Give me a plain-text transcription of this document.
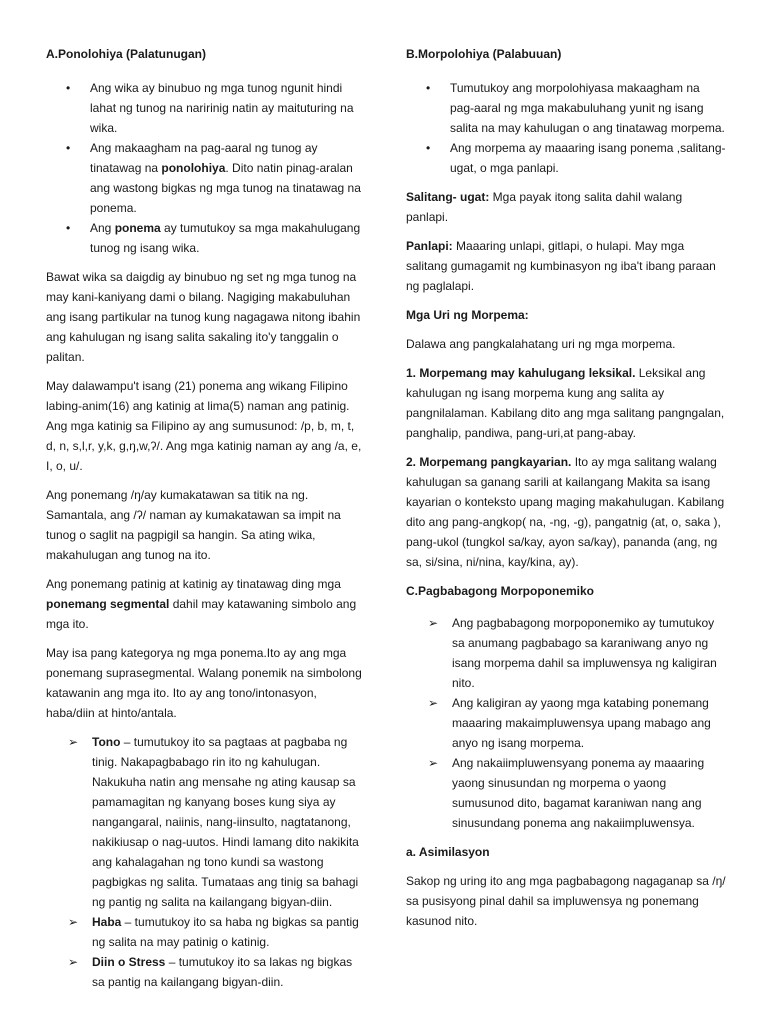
A.Ponolohiya (Palatunugan)
• Ang wika ay binubuo ng mga tunog ngunit hindi lahat ng tunog na naririnig natin ay maituturing na wika.
• Ang makaagham na pag-aaral ng tunog ay tinatawag na ponolohiya. Dito natin pinag-aralan ang wastong bigkas ng mga tunog na tinatawag na ponema.
• Ang ponema ay tumutukoy sa mga makahulugang tunog ng isang wika.

Bawat wika sa daigdig ay binubuo ng set ng mga tunog na may kani-kaniyang dami o bilang. Nagiging makabuluhan ang isang partikular na tunog kung nagagawa nitong ibahin ang kahulugan ng isang salita sakaling ito'y tanggalin o palitan.

May dalawampu't isang (21) ponema ang wikang Filipino labing-anim(16) ang katinig at lima(5) naman ang patinig. Ang mga katinig sa Filipino ay ang sumusunod: /p, b, m, t, d, n, s,l,r, y,k, g,ŋ,w,ʔ/. Ang mga katinig naman ay ang /a, e, I, o, u/.

Ang ponemang /ŋ/ay kumakatawan sa titik na ng. Samantala, ang /ʔ/ naman ay kumakatawan sa impit na tunog o saglit na pagpigil sa hangin. Sa ating wika, makahulugan ang tunog na ito.

Ang ponemang patinig at katinig ay tinatawag ding mga ponemang segmental dahil may katawaning simbolo ang mga ito.

May isa pang kategorya ng mga ponema.Ito ay ang mga ponemang suprasegmental. Walang ponemik na simbolong katawanin ang mga ito. Ito ay ang tono/intonasyon, haba/diin at hinto/antala.

➢ Tono – tumutukoy ito sa pagtaas at pagbaba ng tinig. Nakapagbabago rin ito ng kahulugan. Nakukuha natin ang mensahe ng ating kausap sa pamamagitan ng kanyang boses kung siya ay nangangaral, naiinis, nang-iinsulto, nagtatanong, nakikiusap o nag-uutos. Hindi lamang dito nakikita ang kahalagahan ng tono kundi sa wastong pagbigkas ng salita. Tumataas ang tinig sa bahagi ng pantig ng salita na kailangang bigyan-diin.
➢ Haba – tumutukoy ito sa haba ng bigkas sa pantig ng salita na may patinig o katinig.
➢ Diin o Stress – tumutukoy ito sa lakas ng bigkas sa pantig na kailangang bigyan-diin.
B.Morpolohiya (Palabuuan)
• Tumutukoy ang morpolohiyasa makaagham na pag-aaral ng mga makabuluhang yunit ng isang salita na may kahulugan o ang tinatawag morpema.
• Ang morpema ay maaaring isang ponema ,salitang-ugat, o mga panlapi.

Salitang- ugat: Mga payak itong salita dahil walang panlapi.

Panlapi: Maaaring unlapi, gitlapi, o hulapi. May mga salitang gumagamit ng kumbinasyon ng iba't ibang paraan ng paglalapi.

Mga Uri ng Morpema:

Dalawa ang pangkalahatang uri ng mga morpema.

1. Morpemang may kahulugang leksikal. Leksikal ang kahulugan ng isang morpema kung ang salita ay pangnilalaman. Kabilang dito ang mga salitang pangngalan, panghalip, pandiwa, pang-uri,at pang-abay.

2. Morpemang pangkayarian. Ito ay mga salitang walang kahulugan sa ganang sarili at kailangang Makita sa isang kayarian o konteksto upang maging makahulugan. Kabilang dito ang pang-angkop( na, -ng, -g), pangatnig (at, o, saka ), pang-ukol (tungkol sa/kay, ayon sa/kay), pananda (ang, ng sa, si/sina, ni/nina, kay/kina, ay).

C.Pagbabagong Morpoponemiko
➢ Ang pagbabagong morpoponemiko ay tumutukoy sa anumang pagbabago sa karaniwang anyo ng isang morpema dahil sa impluwensya ng kaligiran nito.
➢ Ang kaligiran ay yaong mga katabing ponemang maaaring makaimpluwensya upang mabago ang anyo ng isang morpema.
➢ Ang nakaiimpluwensyang ponema ay maaaring yaong sinusundan ng morpema o yaong sumusunod dito, bagamat karaniwan nang ang sinusundang ponema ang nakaiimpluwensya.

a. Asimilasyon

Sakop ng uring ito ang mga pagbabagong nagaganap sa /ŋ/ sa pusisyong pinal dahil sa impluwensya ng ponemang kasunod nito.
